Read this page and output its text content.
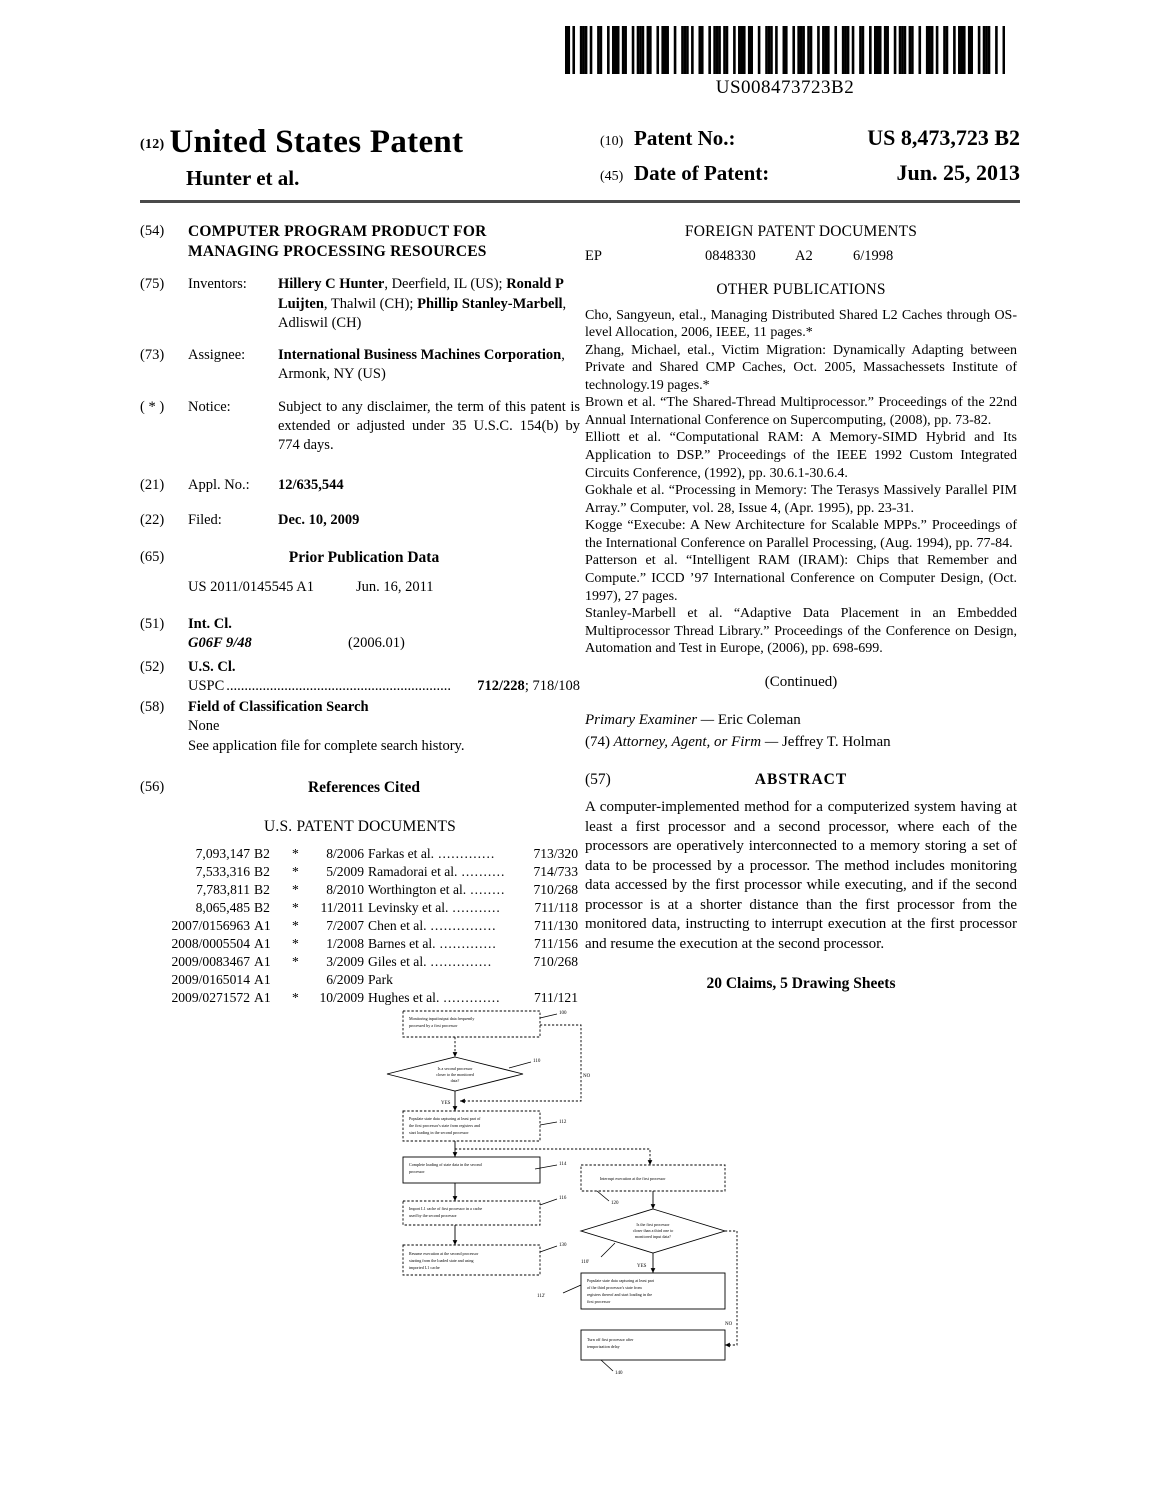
US008473723B2
(12) United States Patent
Hunter et al.
(10) Patent No.:	US 8,473,723 B2
(45) Date of Patent:	Jun. 25, 2013
(54)	COMPUTER PROGRAM PRODUCT FOR MANAGING PROCESSING RESOURCES
(75)	Inventors:	Hillery C Hunter, Deerfield, IL (US); Ronald P Luijten, Thalwil (CH); Phillip Stanley-Marbell, Adliswil (CH)
(73)	Assignee:	International Business Machines Corporation, Armonk, NY (US)
( * )	Notice:	Subject to any disclaimer, the term of this patent is extended or adjusted under 35 U.S.C. 154(b) by 774 days.
(21)	Appl. No.:	12/635,544
(22)	Filed:	Dec. 10, 2009
(65)	Prior Publication Data
US 2011/0145545 A1	Jun. 16, 2011
(51)	Int. Cl.
G06F 9/48	(2006.01)
(52)	U.S. Cl.
USPC ..............................................................	712/228 ; 718/108
(58)	Field of Classification Search
None
See application file for complete search history.
(56)	References Cited
U.S. PATENT DOCUMENTS
7,093,147	B2	*	8/2006	Farkas et al. .............	713/320
7,533,316	B2	*	5/2009	Ramadorai et al. ..........	714/733
7,783,811	B2	*	8/2010	Worthington et al. ........	710/268
8,065,485	B2	*	11/2011	Levinsky et al. ...........	711/118
2007/0156963	A1	*	7/2007	Chen et al. ...............	711/130
2008/0005504	A1	*	1/2008	Barnes et al. .............	711/156
2009/0083467	A1	*	3/2009	Giles et al. ..............	710/268
2009/0165014	A1		6/2009	Park	

2009/0271572	A1	*	10/2009	Hughes et al. .............	711/121
FOREIGN PATENT DOCUMENTS
EP	0848330	A2	6/1998
OTHER PUBLICATIONS

Cho, Sangyeun, etal., Managing Distributed Shared L2 Caches through OS-level Allocation, 2006, IEEE, 11 pages.*

Zhang, Michael, etal., Victim Migration: Dynamically Adapting between Private and Shared CMP Caches, Oct. 2005, Massachessets Institute of technology.19 pages.*

Brown et al. “The Shared-Thread Multiprocessor.” Proceedings of the 22nd Annual International Conference on Supercomputing, (2008), pp. 73-82.

Elliott et al. “Computational RAM: A Memory-SIMD Hybrid and Its Application to DSP.” Proceedings of the IEEE 1992 Custom Integrated Circuits Conference, (1992), pp. 30.6.1-30.6.4.

Gokhale et al. “Processing in Memory: The Terasys Massively Parallel PIM Array.” Computer, vol. 28, Issue 4, (Apr. 1995), pp. 23-31.

Kogge “Execube: A New Architecture for Scalable MPPs.” Proceedings of the International Conference on Parallel Processing, (Aug. 1994), pp. 77-84.

Patterson et al. “Intelligent RAM (IRAM): Chips that Remember and Compute.” ICCD ’97 International Conference on Computer Design, (Oct. 1997), 27 pages.

Stanley-Marbell et al. “Adaptive Data Placement in an Embedded Multiprocessor Thread Library.” Proceedings of the Conference on Design, Automation and Test in Europe, (2006), pp. 698-699.

(Continued)
Primary Examiner — Eric Coleman
(74) Attorney, Agent, or Firm — Jeffrey T. Holman
(57)	ABSTRACT
A computer-implemented method for a computerized system having at least a first processor and a second processor, where each of the processors are operatively interconnected to a memory storing a set of data to be processed by a processor. The method includes monitoring data accessed by the first processor while executing, and if the second processor is at a shorter distance than the first processor from the monitored data, instructing to interrupt execution at the first processor and resume the execution at the second processor.
20 Claims, 5 Drawing Sheets
Monitoring input/output data frequently
processed by a first processor
100
NO
Is a second processor
closer to the monitored
data?
110
YES
Populate state data capturing at least part of
the first processor's state from registers and
start loading in the second processor
112
Complete loading of state data in the second
processor
114
Import L1 cache of first processor in a cache
used by the second processor
116
Resume execution at the second processor
starting from the loaded state and using
imported L1 cache
130
Interrupt execution at the first processor
120
Is the first processor
closer than a third one to
monitored input data?
110'
YES
Populate state data capturing at least part
of the third processor's state from
registers thereof and start loading in the
first processor
112'
NO
Turn off first processor after
temporization delay
140
